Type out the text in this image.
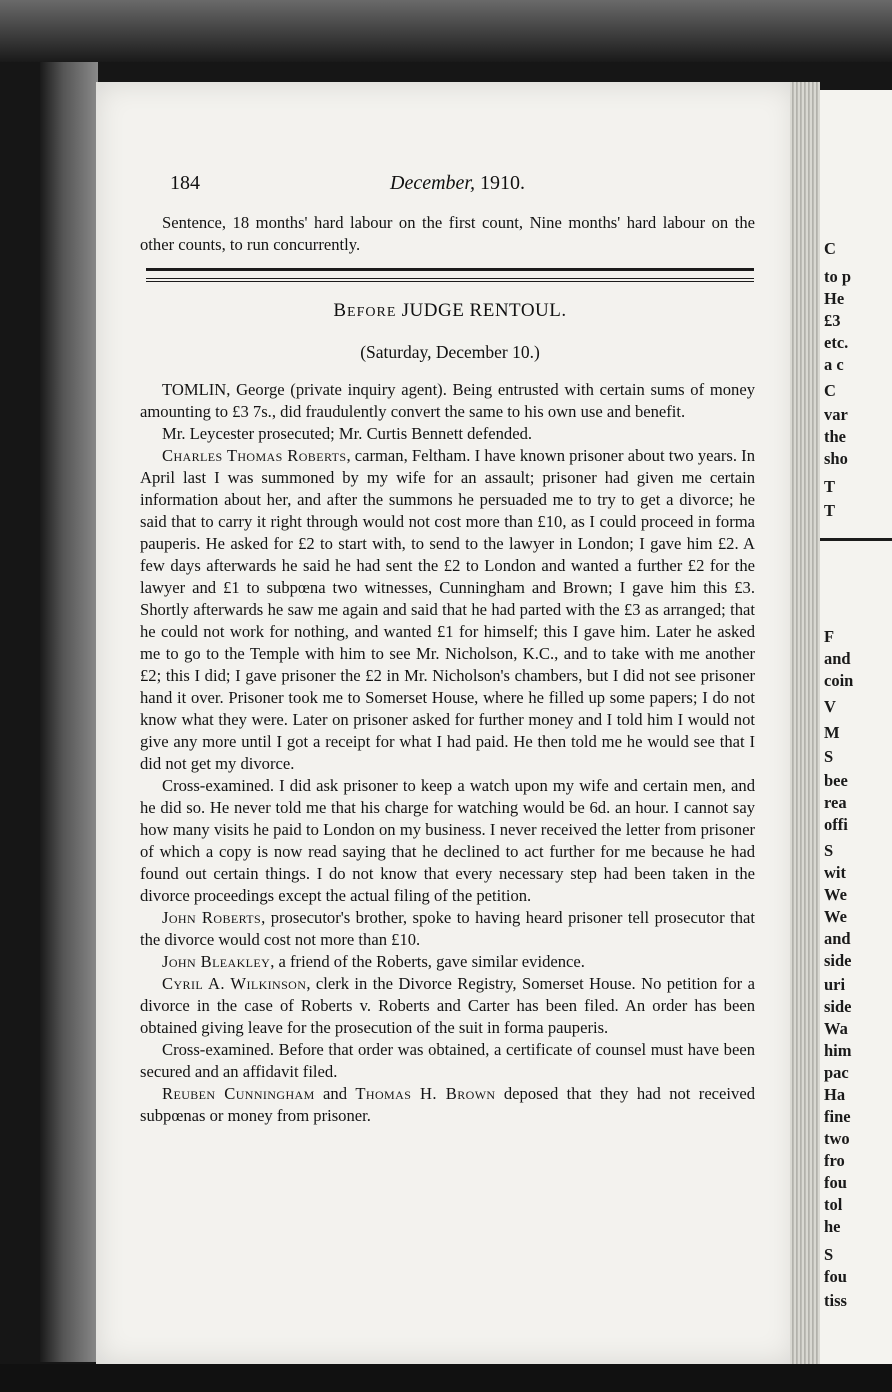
C
to p
He
£3
etc.
a c
C
var
the
sho
T
T
F
and
coin
V
M
S
bee
rea
offi
S
wit
We
We
and
side
uri
side
Wa
him
pac
Ha
fine
two
fro
fou
tol
he
S
fou
tiss
184	December, 1910.

Sentence, 18 months' hard labour on the first count, Nine months' hard labour on the other counts, to run concurrently.

BEFORE JUDGE RENTOUL.
(Saturday, December 10.)

TOMLIN, George (private inquiry agent). Being entrusted with certain sums of money amounting to £3 7s., did fraudulently convert the same to his own use and benefit.

Mr. Leycester prosecuted; Mr. Curtis Bennett defended.

Charles Thomas Roberts, carman, Feltham. I have known prisoner about two years. In April last I was summoned by my wife for an assault; prisoner had given me certain information about her, and after the summons he persuaded me to try to get a divorce; he said that to carry it right through would not cost more than £10, as I could proceed in forma pauperis. He asked for £2 to start with, to send to the lawyer in London; I gave him £2. A few days afterwards he said he had sent the £2 to London and wanted a further £2 for the lawyer and £1 to subpœna two witnesses, Cunningham and Brown; I gave him this £3. Shortly afterwards he saw me again and said that he had parted with the £3 as arranged; that he could not work for nothing, and wanted £1 for himself; this I gave him. Later he asked me to go to the Temple with him to see Mr. Nicholson, K.C., and to take with me another £2; this I did; I gave prisoner the £2 in Mr. Nicholson's chambers, but I did not see prisoner hand it over. Prisoner took me to Somerset House, where he filled up some papers; I do not know what they were. Later on prisoner asked for further money and I told him I would not give any more until I got a receipt for what I had paid. He then told me he would see that I did not get my divorce.

Cross-examined. I did ask prisoner to keep a watch upon my wife and certain men, and he did so. He never told me that his charge for watching would be 6d. an hour. I cannot say how many visits he paid to London on my business. I never received the letter from prisoner of which a copy is now read saying that he declined to act further for me because he had found out certain things. I do not know that every necessary step had been taken in the divorce proceedings except the actual filing of the petition.

John Roberts, prosecutor's brother, spoke to having heard prisoner tell prosecutor that the divorce would cost not more than £10.

John Bleakley, a friend of the Roberts, gave similar evidence.

Cyril A. Wilkinson, clerk in the Divorce Registry, Somerset House. No petition for a divorce in the case of Roberts v. Roberts and Carter has been filed. An order has been obtained giving leave for the prosecution of the suit in forma pauperis.

Cross-examined. Before that order was obtained, a certificate of counsel must have been secured and an affidavit filed.

Reuben Cunningham and Thomas H. Brown deposed that they had not received subpœnas or money from prisoner.
